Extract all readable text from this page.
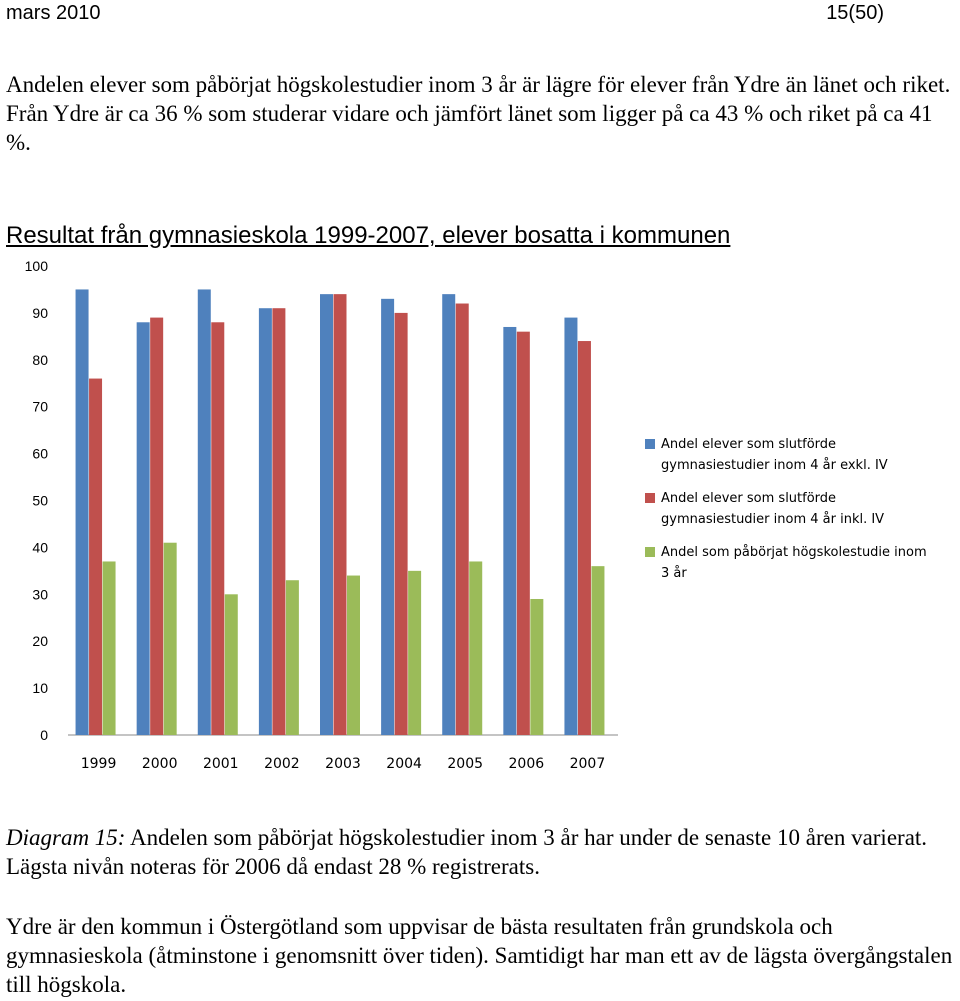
mars 2010	15(50)

Andelen elever som påbörjat högskolestudier inom 3 år är lägre för elever från Ydre än länet och riket. Från Ydre är ca 36 % som studerar vidare och jämfört länet som ligger på ca 43 % och riket på ca 41 %.

Resultat från gymnasieskola 1999-2007, elever bosatta i kommunen
0
10
20
30
40
50
60
70
80
90
100
1999 2000 2001 2002 2003 2004 2005 2006 2007
Andel elever som slutförde
gymnasiestudier inom 4 år exkl. IV
Andel elever som slutförde
gymnasiestudier inom 4 år inkl. IV
Andel som påbörjat högskolestudie inom
3 år

Diagram 15: Andelen som påbörjat högskolestudier inom 3 år har under de senaste 10 åren varierat. Lägsta nivån noteras för 2006 då endast 28 % registrerats.

Ydre är den kommun i Östergötland som uppvisar de bästa resultaten från grundskola och gymnasieskola (åtminstone i genomsnitt över tiden). Samtidigt har man ett av de lägsta övergångstalen till högskola.
